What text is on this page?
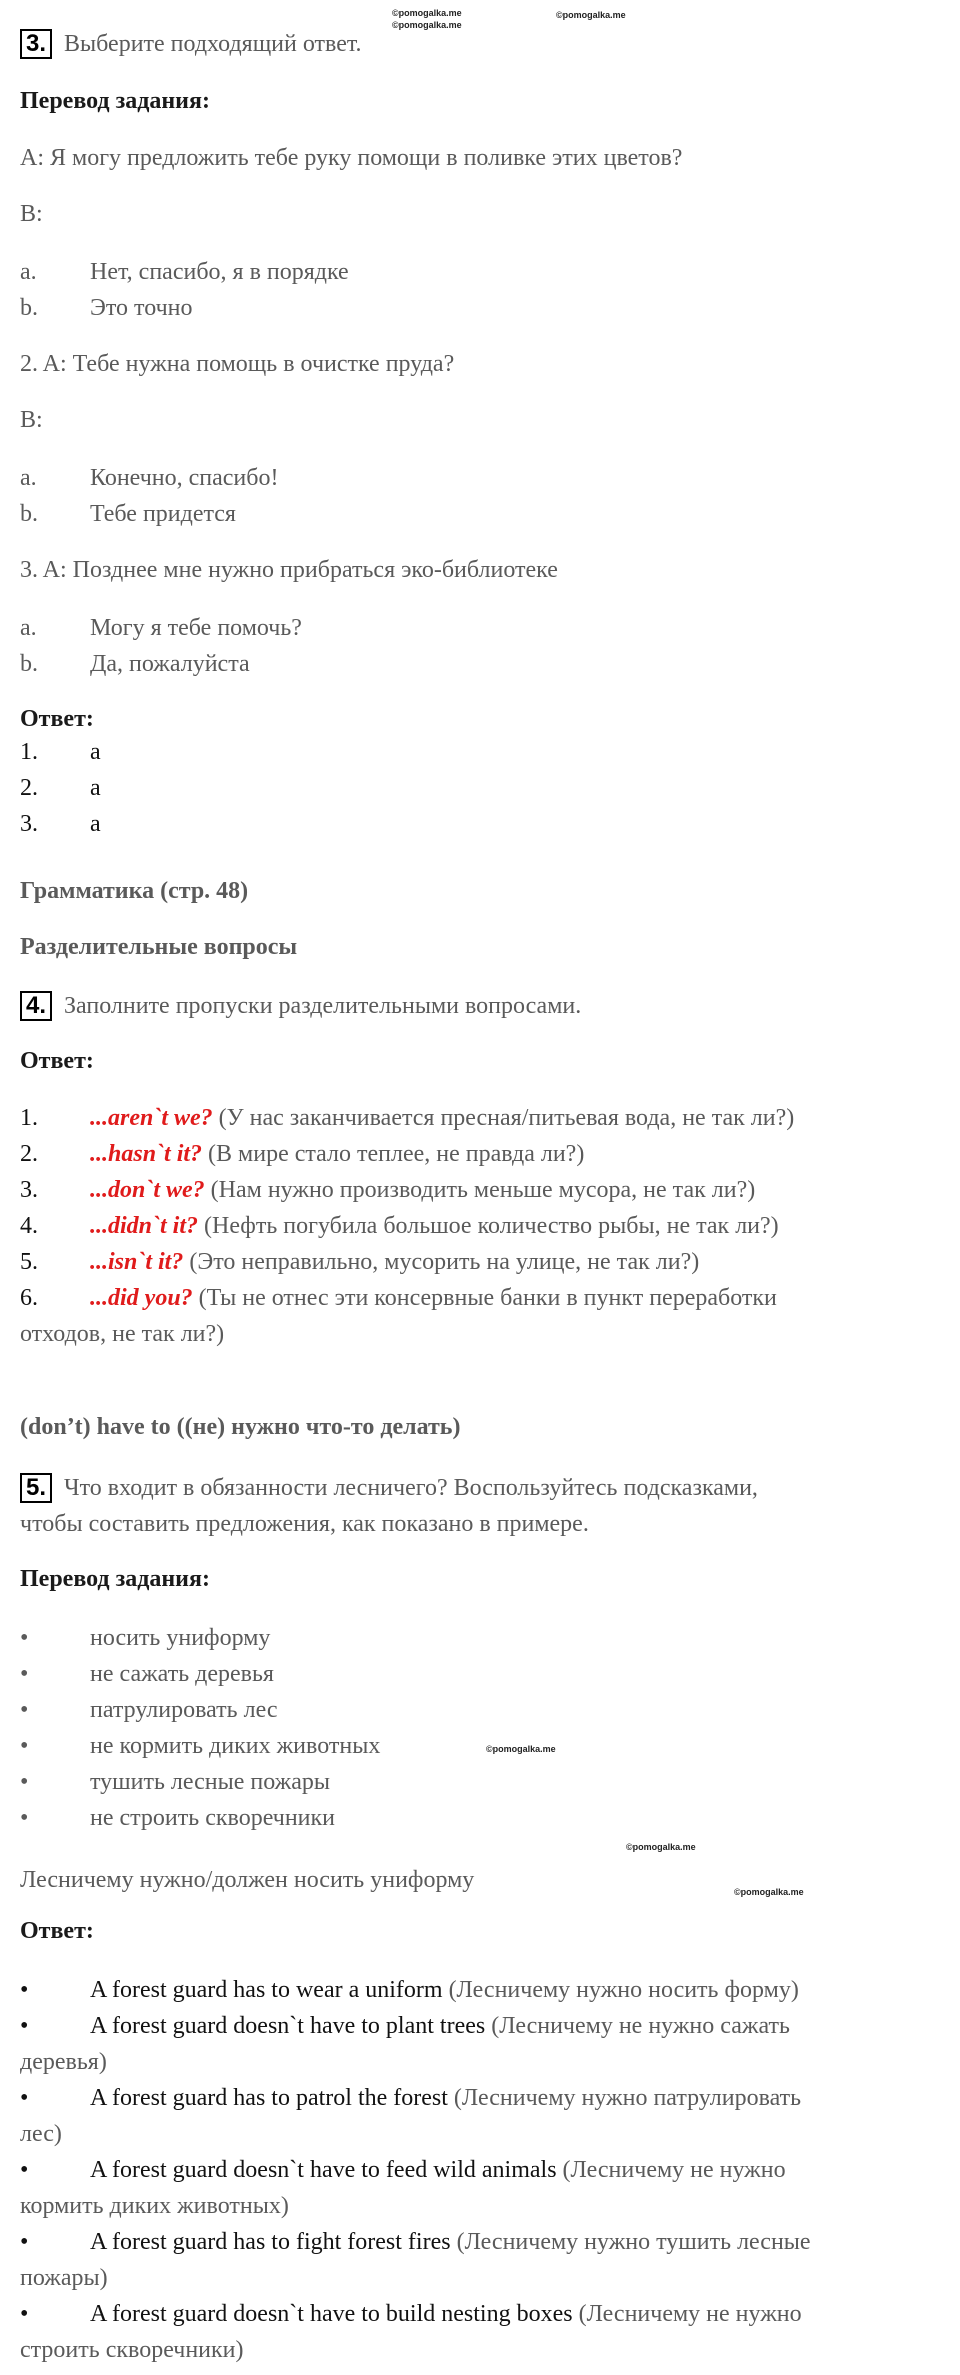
©pomogalka.me
©pomogalka.me
©pomogalka.me
©pomogalka.me
©pomogalka.me
©pomogalka.me
3. Выберите подходящий ответ.
Перевод задания:
A: Я могу предложить тебе руку помощи в поливке этих цветов?
B:
a. Нет, спасибо, я в порядке
b. Это точно
2. A: Тебе нужна помощь в очистке пруда?
B:
a. Конечно, спасибо!
b. Тебе придется
3. A: Позднее мне нужно прибраться эко-библиотеке
a. Могу я тебе помочь?
b. Да, пожалуйста
Ответ:
1. a
2. a
3. a
Грамматика (стр. 48)
Разделительные вопросы
4. Заполните пропуски разделительными вопросами.
Ответ:
1. ...aren`t we? (У нас заканчивается пресная/питьевая вода, не так ли?)
2. ...hasn`t it? (В мире стало теплее, не правда ли?)
3. ...don`t we? (Нам нужно производить меньше мусора, не так ли?)
4. ...didn`t it? (Нефть погубила большое количество рыбы, не так ли?)
5. ...isn`t it? (Это неправильно, мусорить на улице, не так ли?)
6. ...did you? (Ты не отнес эти консервные банки в пункт переработки
отходов, не так ли?)
(don’t) have to ((не) нужно что-то делать)
5. Что входит в обязанности лесничего? Воспользуйтесь подсказками,
чтобы составить предложения, как показано в примере.
Перевод задания:
•	носить униформу
•	не сажать деревья
•	патрулировать лес
•	не кормить диких животных
•	тушить лесные пожары
•	не строить скворечники
Лесничему нужно/должен носить униформу
Ответ:
•	A forest guard has to wear a uniform (Лесничему нужно носить форму)
•	A forest guard doesn`t have to plant trees (Лесничему не нужно сажать
деревья)
•	A forest guard has to patrol the forest (Лесничему нужно патрулировать
лес)
•	A forest guard doesn`t have to feed wild animals (Лесничему не нужно
кормить диких животных)
•	A forest guard has to fight forest fires (Лесничему нужно тушить лесные
пожары)
•	A forest guard doesn`t have to build nesting boxes (Лесничему не нужно
строить скворечники)
